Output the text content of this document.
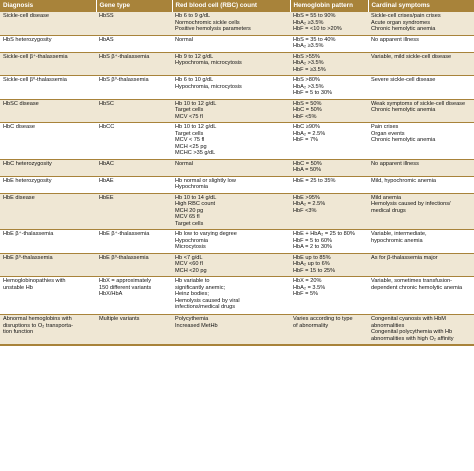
Diagnosis	Gene type	Red blood cell (RBC) count	Hemoglobin pattern	Cardinal symptoms

Sickle-cell disease	HbSS	Hb 6 to 9 g/dL
Normochromic sickle cells
Positive hemolysis parameters	HbS = 55 to 90%
HbA₂ ≥3.5%
HbF = <10 to >20%	Sickle-cell crises/pain crises
Acute organ syndromes
Chronic hemolytic anemia

HbS heterozygosity	HbAS	Normal	HbS = 35 to 40%
HbA₂ ≥3.5%	No apparent illness

Sickle-cell β⁺-thalassemia	HbS β⁺-thalassemia	Hb 9 to 12 g/dL
Hypochromia, microcytosis	HbS >55%
HbA₂ >3.5%
HbF = ≥3.5%	Variable, mild sickle-cell disease

Sickle-cell β⁰-thalassemia	HbS β⁰-thalassemia	Hb 6 to 10 g/dL
Hypochromia, microcytosis	HbS >80%
HbA₂ >3.5%
HbF = 5 to 30%	Severe sickle-cell disease

HbSC disease	HbSC	Hb 10 to 12 g/dL
Target cells
MCV <75 fl	HbS = 50%
HbC = 50%
HbF <5%	Weak symptoms of sickle-cell disease
Chronic hemolytic anemia

HbC disease	HbCC	Hb 10 to 12 g/dL
Target cells
MCV < 75 fl
MCH <25 pg
MCHC >35 g/dL	HbC ≥90%
HbA₂ = 2.5%
HbF = 7%	Pain crises
Organ events
Chronic hemolytic anemia

HbC heterozygosity	HbAC	Normal	HbC = 50%
HbA = 50%	No apparent illness

HbE heterozygosity	HbAE	Hb normal or slightly low
Hypochromia	HbE = 25 to 35%	Mild, hypochromic anemia

HbE disease	HbEE	Hb 10 to 14 g/dL
High RBC count
MCH 20 pg
MCV 65 fl
Target cells	HbE >95%
HbA₂ = 2.5%
HbF <3%	Mild anemia
Hemolysis caused by infections/
medical drugs

HbE β⁺-thalassemia	HbE β⁺-thalassemia	Hb low to varying degree
Hypochromia
Microcytosis	HbE + HbA₂ = 25 to 80%
HbF = 5 to 60%
HbA = 2 to 30%	Variable, intermediate,
hypochromic anemia

HbE β⁰-thalassemia	HbE β⁰-thalassemia	Hb <7 g/dL
MCV <60 fl
MCH <20 pg	HbE up to 85%
HbA₂ up to 6%
HbF = 15 to 25%	As for β-thalassemia major

Hemoglobinopathies with
unstable Hb	HbX = approximately
150 different variants
HbX/HbA	Hb variable to
significantly anemic;
Heinz bodies;
Hemolysis caused by viral
infections/medical drugs	HbX = 20%
HbA₂ = 3.5%
HbF = 5%	Variable, sometimes transfusion-
dependent chronic hemolytic anemia

Abnormal hemoglobins with
disruptions to O₂ transporta-
tion function	Multiple variants	Polycythemia
Increased MetHb	Varies according to type
of abnormality	Congenital cyanosis with HbM
abnormalities
Congenital polycythemia with Hb
abnormalities with high O₂ affinity
